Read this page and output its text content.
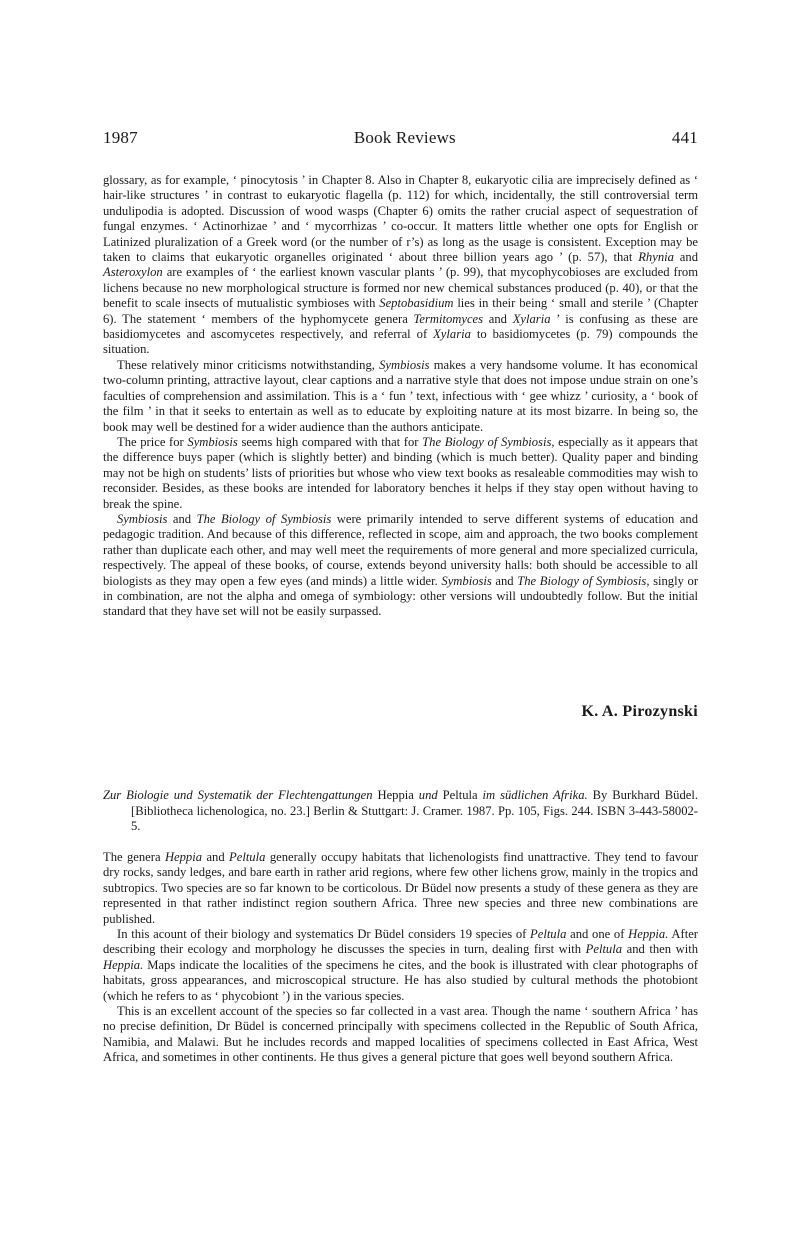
1987	Book Reviews	441

glossary, as for example, ‘ pinocytosis ’ in Chapter 8. Also in Chapter 8, eukaryotic cilia are imprecisely defined as ‘ hair-like structures ’ in contrast to eukaryotic flagella (p. 112) for which, incidentally, the still controversial term undulipodia is adopted. Discussion of wood wasps (Chapter 6) omits the rather crucial aspect of sequestration of fungal enzymes. ‘ Actinorhizae ’ and ‘ mycorrhizas ’ co-occur. It matters little whether one opts for English or Latinized pluralization of a Greek word (or the number of r’s) as long as the usage is consistent. Exception may be taken to claims that eukaryotic organelles originated ‘ about three billion years ago ’ (p. 57), that Rhynia and Asteroxylon are examples of ‘ the earliest known vascular plants ’ (p. 99), that mycophycobioses are excluded from lichens because no new morphological structure is formed nor new chemical substances produced (p. 40), or that the benefit to scale insects of mutualistic symbioses with Septobasidium lies in their being ‘ small and sterile ’ (Chapter 6). The statement ‘ members of the hyphomycete genera Termitomyces and Xylaria ’ is confusing as these are basidiomycetes and ascomycetes respectively, and referral of Xylaria to basidiomycetes (p. 79) compounds the situation.

These relatively minor criticisms notwithstanding, Symbiosis makes a very handsome volume. It has economical two-column printing, attractive layout, clear captions and a narrative style that does not impose undue strain on one’s faculties of comprehension and assimilation. This is a ‘ fun ’ text, infectious with ‘ gee whizz ’ curiosity, a ‘ book of the film ’ in that it seeks to entertain as well as to educate by exploiting nature at its most bizarre. In being so, the book may well be destined for a wider audience than the authors anticipate.

The price for Symbiosis seems high compared with that for The Biology of Symbiosis, especially as it appears that the difference buys paper (which is slightly better) and binding (which is much better). Quality paper and binding may not be high on students’ lists of priorities but whose who view text books as resaleable commodities may wish to reconsider. Besides, as these books are intended for laboratory benches it helps if they stay open without having to break the spine.

Symbiosis and The Biology of Symbiosis were primarily intended to serve different systems of education and pedagogic tradition. And because of this difference, reflected in scope, aim and approach, the two books complement rather than duplicate each other, and may well meet the requirements of more general and more specialized curricula, respectively. The appeal of these books, of course, extends beyond university halls: both should be accessible to all biologists as they may open a few eyes (and minds) a little wider. Symbiosis and The Biology of Symbiosis, singly or in combination, are not the alpha and omega of symbiology: other versions will undoubtedly follow. But the initial standard that they have set will not be easily surpassed.

K. A. Pirozynski
Zur Biologie und Systematik der Flechtengattungen Heppia und Peltula im südlichen Afrika. By Burkhard Büdel. [Bibliotheca lichenologica, no. 23.] Berlin & Stuttgart: J. Cramer. 1987. Pp. 105, Figs. 244. ISBN 3-443-58002-5.

The genera Heppia and Peltula generally occupy habitats that lichenologists find unattractive. They tend to favour dry rocks, sandy ledges, and bare earth in rather arid regions, where few other lichens grow, mainly in the tropics and subtropics. Two species are so far known to be corticolous. Dr Büdel now presents a study of these genera as they are represented in that rather indistinct region southern Africa. Three new species and three new combinations are published.

In this acount of their biology and systematics Dr Büdel considers 19 species of Peltula and one of Heppia. After describing their ecology and morphology he discusses the species in turn, dealing first with Peltula and then with Heppia. Maps indicate the localities of the specimens he cites, and the book is illustrated with clear photographs of habitats, gross appearances, and microscopical structure. He has also studied by cultural methods the photobiont (which he refers to as ‘ phycobiont ’) in the various species.

This is an excellent account of the species so far collected in a vast area. Though the name ‘ southern Africa ’ has no precise definition, Dr Büdel is concerned principally with specimens collected in the Republic of South Africa, Namibia, and Malawi. But he includes records and mapped localities of specimens collected in East Africa, West Africa, and sometimes in other continents. He thus gives a general picture that goes well beyond southern Africa.
